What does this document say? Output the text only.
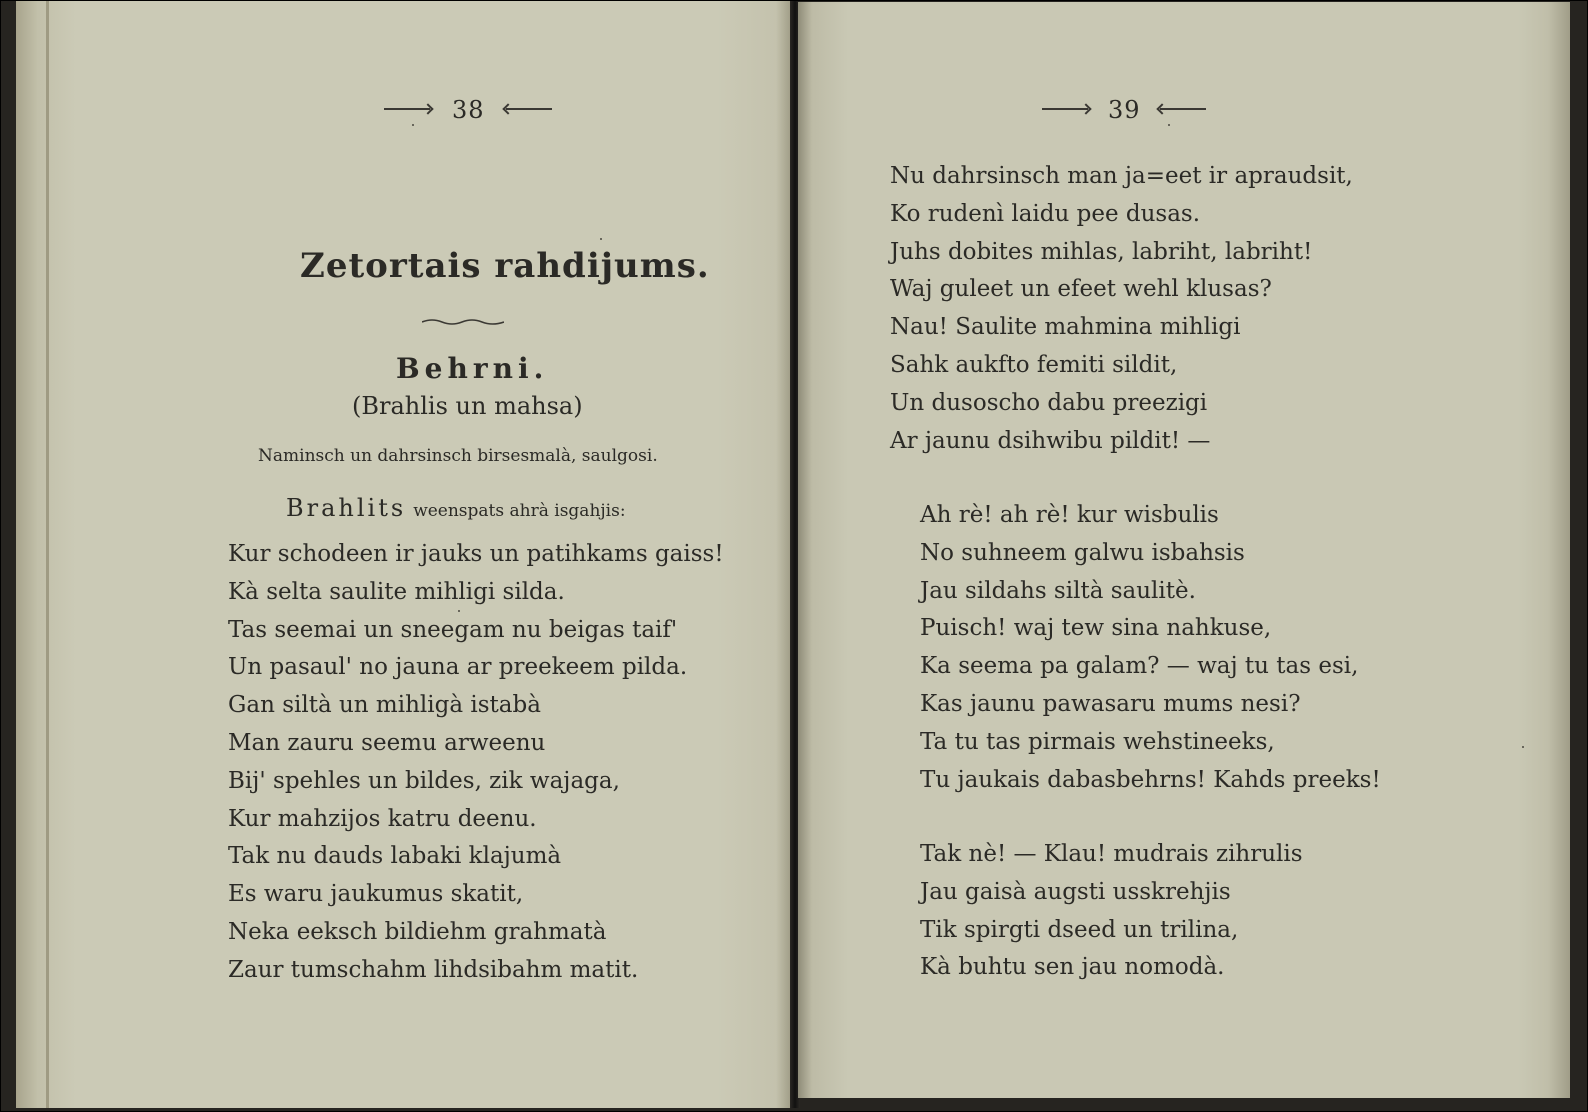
38
Zetortais rahdijums.
Behrni.
(Brahlis un mahsa)
Naminsch un dahrsinsch birsesmalà, saulgosi.
Brahlits weenspats ahrà isgahjis:
Kur schodeen ir jauks un patihkams gaiss!
Kà selta saulite mihligi silda.
Tas seemai un sneegam nu beigas taif'
Un pasaul' no jauna ar preekeem pilda.
Gan siltà un mihligà istabà
Man zauru seemu arweenu
Bij' spehles un bildes, zik wajaga,
Kur mahzijos katru deenu.
Tak nu dauds labaki klajumà
Es waru jaukumus skatit,
Neka eeksch bildiehm grahmatà
Zaur tumschahm lihdsibahm matit.
39
Nu dahrsinsch man ja=eet ir apraudsit,
Ko rudenì laidu pee dusas.
Juhs dobites mihlas, labriht, labriht!
Waj guleet un efeet wehl klusas?
Nau! Saulite mahmina mihligi
Sahk aukfto femiti sildit,
Un dusoscho dabu preezigi
Ar jaunu dsihwibu pildit! —
Ah rè! ah rè! kur wisbulis
No suhneem galwu isbahsis
Jau sildahs siltà saulitè.
Puisch! waj tew sina nahkuse,
Ka seema pa galam? — waj tu tas esi,
Kas jaunu pawasaru mums nesi?
Ta tu tas pirmais wehstineeks,
Tu jaukais dabasbehrns! Kahds preeks!
Tak nè! — Klau! mudrais zihrulis
Jau gaisà augsti usskrehjis
Tik spirgti dseed un trilina,
Kà buhtu sen jau nomodà.
